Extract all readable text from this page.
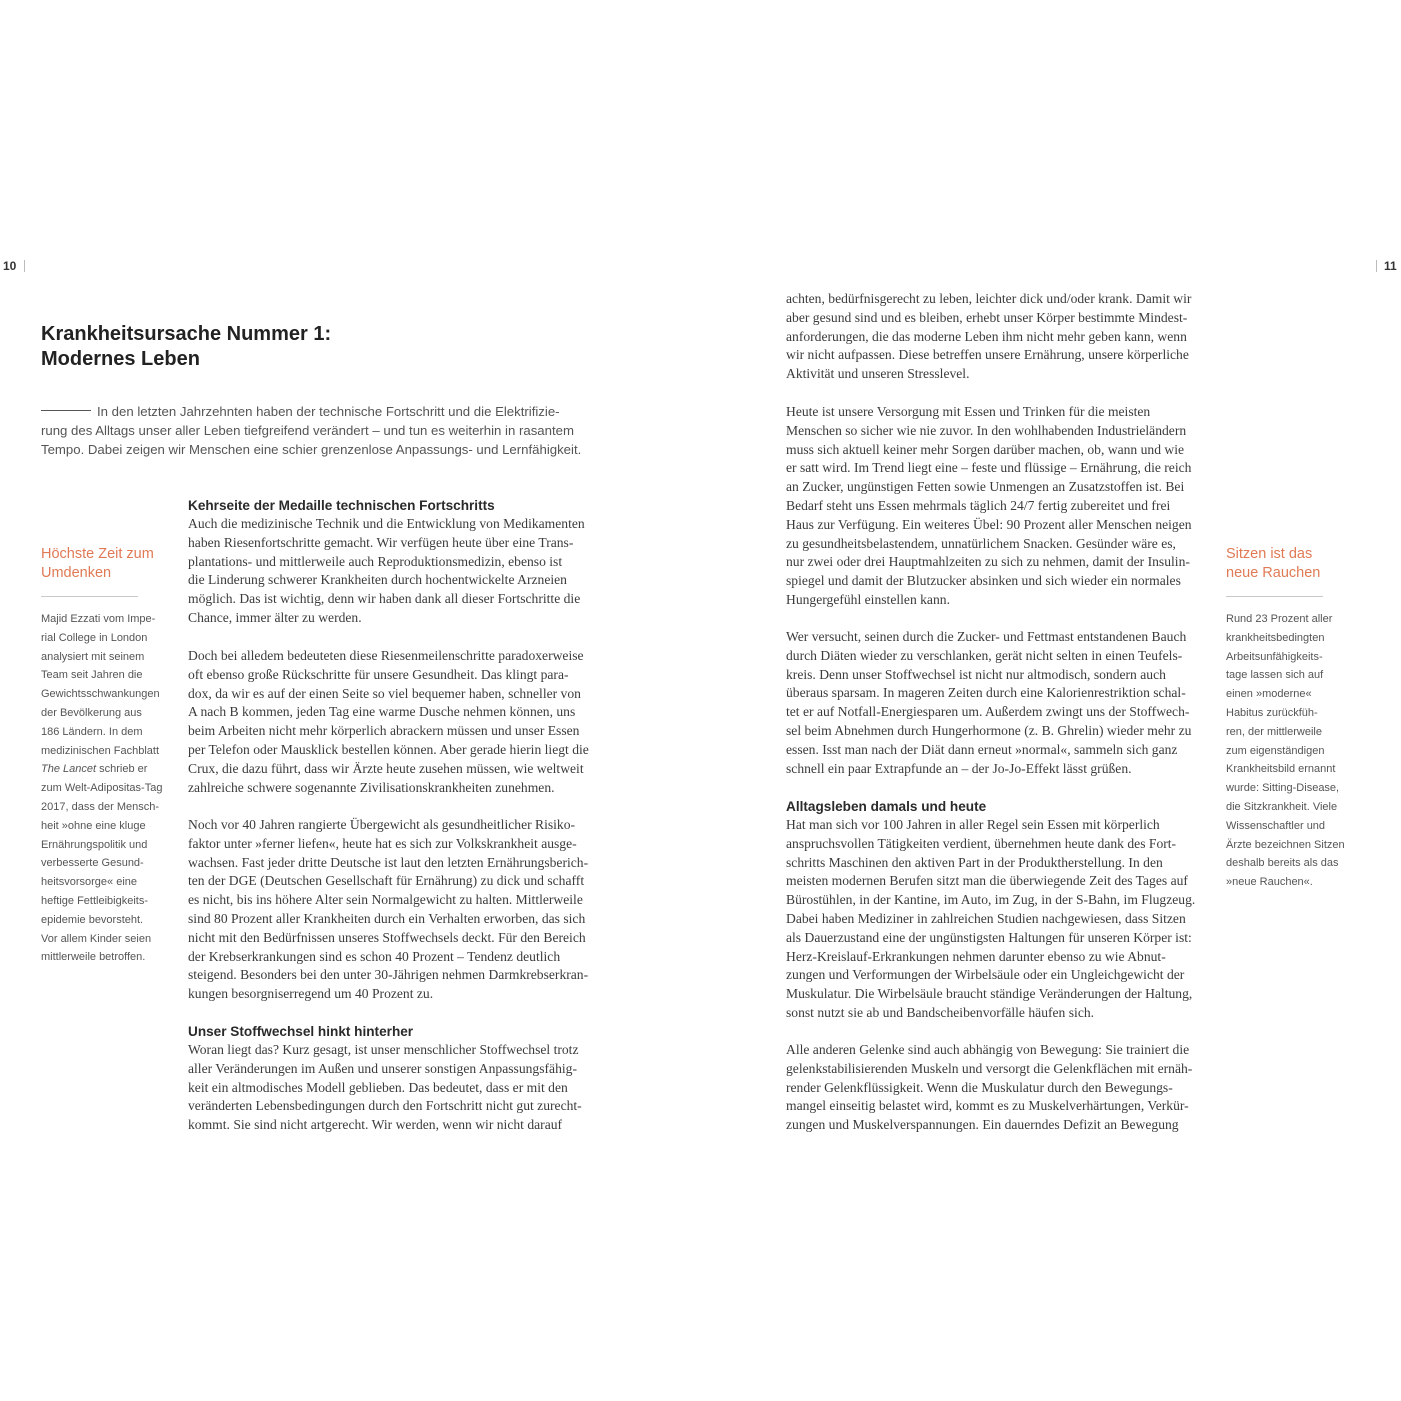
10	11
Krankheitsursache Nummer 1:
Modernes Leben
In den letzten Jahrzehnten haben der technische Fortschritt und die Elektrifizie-
rung des Alltags unser aller Leben tiefgreifend verändert – und tun es weiterhin in rasantem
Tempo. Dabei zeigen wir Menschen eine schier grenzenlose Anpassungs- und Lernfähigkeit.
Höchste Zeit zum
Umdenken
Majid Ezzati vom Impe-
rial College in London
analysiert mit seinem
Team seit Jahren die
Gewichtsschwankungen
der Bevölkerung aus
186 Ländern. In dem
medizinischen Fachblatt
The Lancet schrieb er
zum Welt-Adipositas-Tag
2017, dass der Mensch-
heit »ohne eine kluge
Ernährungspolitik und
verbesserte Gesund-
heitsvorsorge« eine
heftige Fettleibigkeits-
epidemie bevorsteht.
Vor allem Kinder seien
mittlerweile betroffen.
Kehrseite der Medaille technischen Fortschritts
Auch die medizinische Technik und die Entwicklung von Medikamenten
haben Riesenfortschritte gemacht. Wir verfügen heute über eine Trans-
plantations- und mittlerweile auch Reproduktionsmedizin, ebenso ist
die Linderung schwerer Krankheiten durch hochentwickelte Arzneien
möglich. Das ist wichtig, denn wir haben dank all dieser Fortschritte die
Chance, immer älter zu werden.
Doch bei alledem bedeuteten diese Riesenmeilenschritte paradoxerweise
oft ebenso große Rückschritte für unsere Gesundheit. Das klingt para-
dox, da wir es auf der einen Seite so viel bequemer haben, schneller von
A nach B kommen, jeden Tag eine warme Dusche nehmen können, uns
beim Arbeiten nicht mehr körperlich abrackern müssen und unser Essen
per Telefon oder Mausklick bestellen können. Aber gerade hierin liegt die
Crux, die dazu führt, dass wir Ärzte heute zusehen müssen, wie weltweit
zahlreiche schwere sogenannte Zivilisationskrankheiten zunehmen.
Noch vor 40 Jahren rangierte Übergewicht als gesundheitlicher Risiko-
faktor unter »ferner liefen«, heute hat es sich zur Volkskrankheit ausge-
wachsen. Fast jeder dritte Deutsche ist laut den letzten Ernährungsberich-
ten der DGE (Deutschen Gesellschaft für Ernährung) zu dick und schafft
es nicht, bis ins höhere Alter sein Normalgewicht zu halten. Mittlerweile
sind 80 Prozent aller Krankheiten durch ein Verhalten erworben, das sich
nicht mit den Bedürfnissen unseres Stoffwechsels deckt. Für den Bereich
der Krebserkrankungen sind es schon 40 Prozent – Tendenz deutlich
steigend. Besonders bei den unter 30-Jährigen nehmen Darmkrebserkran-
kungen besorgniserregend um 40 Prozent zu.
Unser Stoffwechsel hinkt hinterher
Woran liegt das? Kurz gesagt, ist unser menschlicher Stoffwechsel trotz
aller Veränderungen im Außen und unserer sonstigen Anpassungsfähig-
keit ein altmodisches Modell geblieben. Das bedeutet, dass er mit den
veränderten Lebensbedingungen durch den Fortschritt nicht gut zurecht-
kommt. Sie sind nicht artgerecht. Wir werden, wenn wir nicht darauf
achten, bedürfnisgerecht zu leben, leichter dick und/oder krank. Damit wir
aber gesund sind und es bleiben, erhebt unser Körper bestimmte Mindest-
anforderungen, die das moderne Leben ihm nicht mehr geben kann, wenn
wir nicht aufpassen. Diese betreffen unsere Ernährung, unsere körperliche
Aktivität und unseren Stresslevel.
Heute ist unsere Versorgung mit Essen und Trinken für die meisten
Menschen so sicher wie nie zuvor. In den wohlhabenden Industrieländern
muss sich aktuell keiner mehr Sorgen darüber machen, ob, wann und wie
er satt wird. Im Trend liegt eine – feste und flüssige – Ernährung, die reich
an Zucker, ungünstigen Fetten sowie Unmengen an Zusatzstoffen ist. Bei
Bedarf steht uns Essen mehrmals täglich 24/7 fertig zubereitet und frei
Haus zur Verfügung. Ein weiteres Übel: 90 Prozent aller Menschen neigen
zu gesundheitsbelastendem, unnatürlichem Snacken. Gesünder wäre es,
nur zwei oder drei Hauptmahlzeiten zu sich zu nehmen, damit der Insulin-
spiegel und damit der Blutzucker absinken und sich wieder ein normales
Hungergefühl einstellen kann.
Wer versucht, seinen durch die Zucker- und Fettmast entstandenen Bauch
durch Diäten wieder zu verschlanken, gerät nicht selten in einen Teufels-
kreis. Denn unser Stoffwechsel ist nicht nur altmodisch, sondern auch
überaus sparsam. In mageren Zeiten durch eine Kalorienrestriktion schal-
tet er auf Notfall-Energiesparen um. Außerdem zwingt uns der Stoffwech-
sel beim Abnehmen durch Hungerhormone (z. B. Ghrelin) wieder mehr zu
essen. Isst man nach der Diät dann erneut »normal«, sammeln sich ganz
schnell ein paar Extrapfunde an – der Jo-Jo-Effekt lässt grüßen.
Alltagsleben damals und heute
Hat man sich vor 100 Jahren in aller Regel sein Essen mit körperlich
anspruchsvollen Tätigkeiten verdient, übernehmen heute dank des Fort-
schritts Maschinen den aktiven Part in der Produktherstellung. In den
meisten modernen Berufen sitzt man die überwiegende Zeit des Tages auf
Bürostühlen, in der Kantine, im Auto, im Zug, in der S-Bahn, im Flugzeug.
Dabei haben Mediziner in zahlreichen Studien nachgewiesen, dass Sitzen
als Dauerzustand eine der ungünstigsten Haltungen für unseren Körper ist:
Herz-Kreislauf-Erkrankungen nehmen darunter ebenso zu wie Abnut-
zungen und Verformungen der Wirbelsäule oder ein Ungleichgewicht der
Muskulatur. Die Wirbelsäule braucht ständige Veränderungen der Haltung,
sonst nutzt sie ab und Bandscheibenvorfälle häufen sich.
Alle anderen Gelenke sind auch abhängig von Bewegung: Sie trainiert die
gelenkstabilisierenden Muskeln und versorgt die Gelenkflächen mit ernäh-
render Gelenkflüssigkeit. Wenn die Muskulatur durch den Bewegungs-
mangel einseitig belastet wird, kommt es zu Muskelverhärtungen, Verkür-
zungen und Muskelverspannungen. Ein dauerndes Defizit an Bewegung
Sitzen ist das
neue Rauchen
Rund 23 Prozent aller
krankheitsbedingten
Arbeitsunfähigkeits-
tage lassen sich auf
einen »moderne«
Habitus zurückfüh-
ren, der mittlerweile
zum eigenständigen
Krankheitsbild ernannt
wurde: Sitting-Disease,
die Sitzkrankheit. Viele
Wissenschaftler und
Ärzte bezeichnen Sitzen
deshalb bereits als das
»neue Rauchen«.
